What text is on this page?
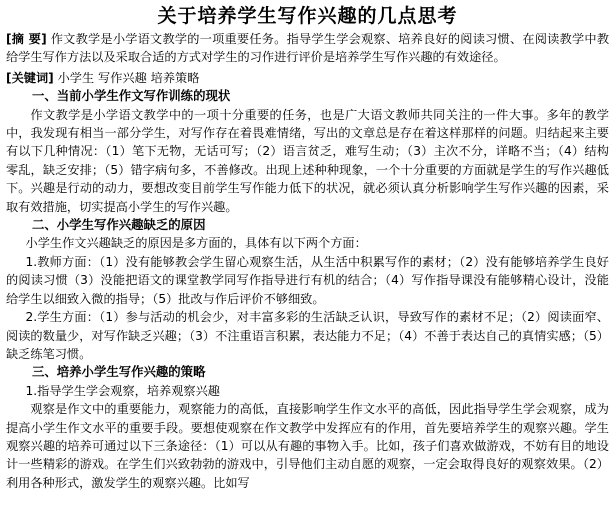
关于培养学生写作兴趣的几点思考

[摘 要] 作文教学是小学语文教学的一项重要任务。指导学生学会观察、培养良好的阅读习惯、在阅读教学中教给学生写作方法以及采取合适的方式对学生的习作进行评价是培养学生写作兴趣的有效途径。

[关键词] 小学生 写作兴趣 培养策略

一、当前小学生作文写作训练的现状

作文教学是小学语文教学中的一项十分重要的任务，也是广大语文教师共同关注的一件大事。多年的教学中，我发现有相当一部分学生，对写作存在着畏难情绪，写出的文章总是存在着这样那样的问题。归结起来主要有以下几种情况：（1）笔下无物，无话可写；（2）语言贫乏，难写生动；（3）主次不分，详略不当；（4）结构零乱，缺乏安排；（5）错字病句多，不善修改。出现上述种种现象，一个十分重要的方面就是学生的写作兴趣低下。兴趣是行动的动力，要想改变目前学生写作能力低下的状况，就必须认真分析影响学生写作兴趣的因素，采取有效措施，切实提高小学生的写作兴趣。

二、小学生写作兴趣缺乏的原因

小学生作文兴趣缺乏的原因是多方面的，具体有以下两个方面：

1.教师方面：（1）没有能够教会学生留心观察生活，从生活中积累写作的素材；（2）没有能够培养学生良好的阅读习惯（3）没能把语文的课堂教学同写作指导进行有机的结合；（4）写作指导课没有能够精心设计，没能给学生以细致入微的指导；（5）批改与作后评价不够细致。

2.学生方面：（1）参与活动的机会少，对丰富多彩的生活缺乏认识，导致写作的素材不足；（2）阅读面窄、阅读的数量少，对写作缺乏兴趣；（3）不注重语言积累，表达能力不足；（4）不善于表达自己的真情实感；（5）缺乏练笔习惯。

三、培养小学生写作兴趣的策略

1.指导学生学会观察，培养观察兴趣

观察是作文中的重要能力，观察能力的高低，直接影响学生作文水平的高低，因此指导学生学会观察，成为提高小学生作文水平的重要手段。要想使观察在作文教学中发挥应有的作用，首先要培养学生的观察兴趣。学生观察兴趣的培养可通过以下三条途径：（1）可以从有趣的事物入手。比如，孩子们喜欢做游戏，不妨有目的地设计一些精彩的游戏。在学生们兴致勃勃的游戏中，引导他们主动自愿的观察，一定会取得良好的观察效果。（2）利用各种形式，激发学生的观察兴趣。比如写
